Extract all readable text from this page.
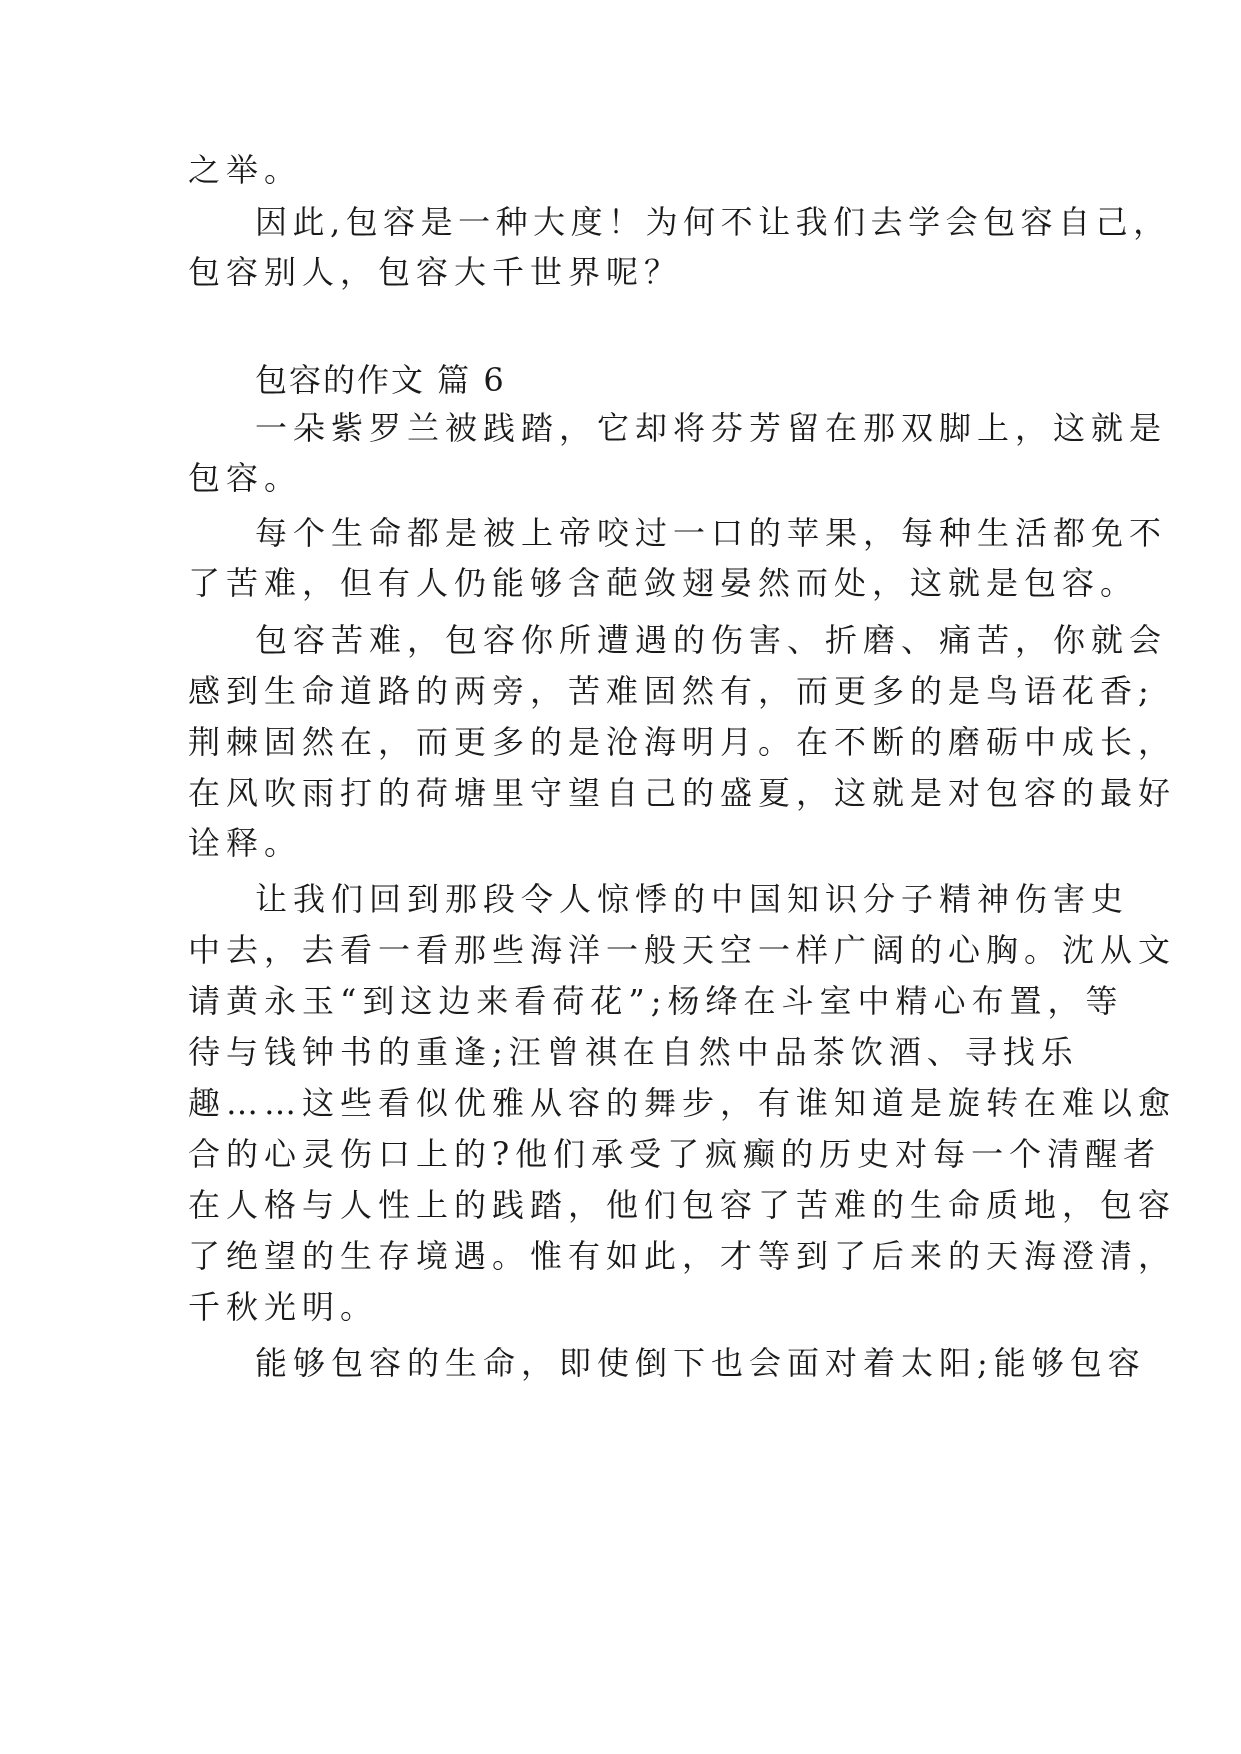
之举。
因此,包容是一种大度！为何不让我们去学会包容自己，
包容别人，包容大千世界呢？
包容的作文 篇 6
一朵紫罗兰被践踏，它却将芬芳留在那双脚上，这就是
包容。
每个生命都是被上帝咬过一口的苹果，每种生活都免不
了苦难，但有人仍能够含葩敛翅晏然而处，这就是包容。
包容苦难，包容你所遭遇的伤害、折磨、痛苦，你就会
感到生命道路的两旁，苦难固然有，而更多的是鸟语花香;
荆棘固然在，而更多的是沧海明月。在不断的磨砺中成长，
在风吹雨打的荷塘里守望自己的盛夏，这就是对包容的最好
诠释。
让我们回到那段令人惊悸的中国知识分子精神伤害史
中去，去看一看那些海洋一般天空一样广阔的心胸。沈从文
请黄永玉“到这边来看荷花”;杨绛在斗室中精心布置，等
待与钱钟书的重逢;汪曾祺在自然中品茶饮酒、寻找乐
趣……这些看似优雅从容的舞步，有谁知道是旋转在难以愈
合的心灵伤口上的?他们承受了疯癫的历史对每一个清醒者
在人格与人性上的践踏，他们包容了苦难的生命质地，包容
了绝望的生存境遇。惟有如此，才等到了后来的天海澄清，
千秋光明。
能够包容的生命，即使倒下也会面对着太阳;能够包容
